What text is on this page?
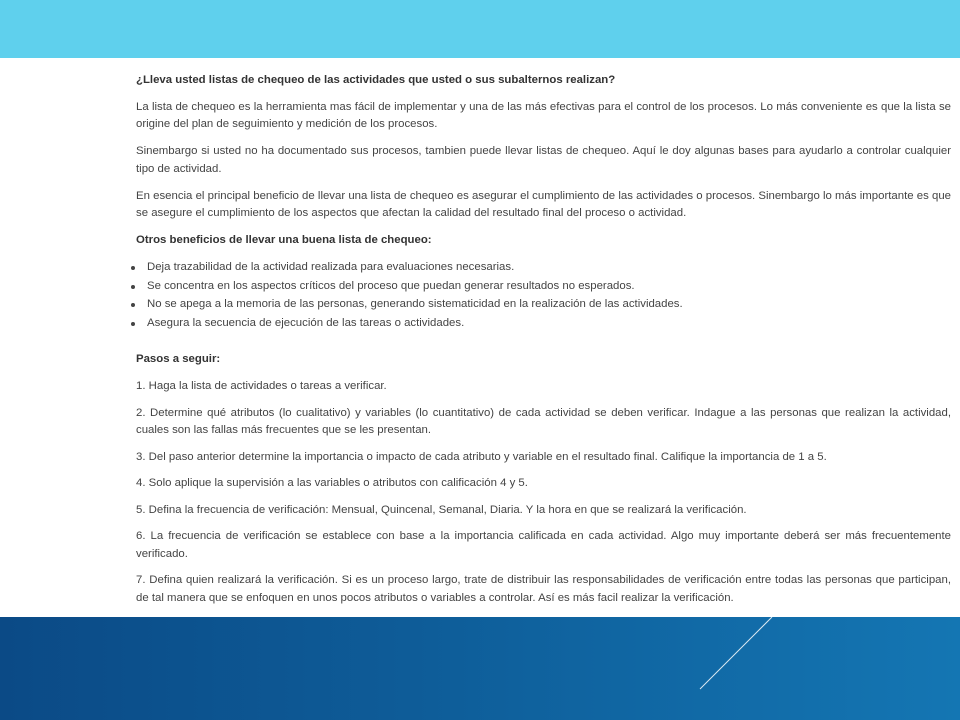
¿Lleva usted listas de chequeo de las actividades que usted o sus subalternos realizan?

La lista de chequeo es la herramienta mas fácil de implementar y una de las más efectivas para el control de los procesos. Lo más conveniente es que la lista se origine del plan de seguimiento y medición de los procesos.

Sinembargo si usted no ha documentado sus procesos, tambien puede llevar listas de chequeo. Aquí le doy algunas bases para ayudarlo a controlar cualquier tipo de actividad.

En esencia el principal beneficio de llevar una lista de chequeo es asegurar el cumplimiento de las actividades o procesos. Sinembargo lo más importante es que se asegure el cumplimiento de los aspectos que afectan la calidad del resultado final del proceso o actividad.

Otros beneficios de llevar una buena lista de chequeo:

Deja trazabilidad de la actividad realizada para evaluaciones necesarias.
Se concentra en los aspectos críticos del proceso que puedan generar resultados no esperados.
No se apega a la memoria de las personas, generando sistematicidad en la realización de las actividades.
Asegura la secuencia de ejecución de las tareas o actividades.

Pasos a seguir:

1. Haga la lista de actividades o tareas a verificar.

2. Determine qué atributos (lo cualitativo) y variables (lo cuantitativo) de cada actividad se deben verificar. Indague a las personas que realizan la actividad, cuales son las fallas más frecuentes que se les presentan.

3. Del paso anterior determine la importancia o impacto de cada atributo y variable en el resultado final. Califique la importancia de 1 a 5.

4. Solo aplique la supervisión a las variables o atributos con calificación 4 y 5.

5. Defina la frecuencia de verificación: Mensual, Quincenal, Semanal, Diaria. Y la hora en que se realizará la verificación.

6. La frecuencia de verificación se establece con base a la importancia calificada en cada actividad. Algo muy importante deberá ser más frecuentemente verificado.

7. Defina quien realizará la verificación. Si es un proceso largo, trate de distribuir las responsabilidades de verificación entre todas las personas que participan, de tal manera que se enfoquen en unos pocos atributos o variables a controlar. Así es más facil realizar la verificación.
